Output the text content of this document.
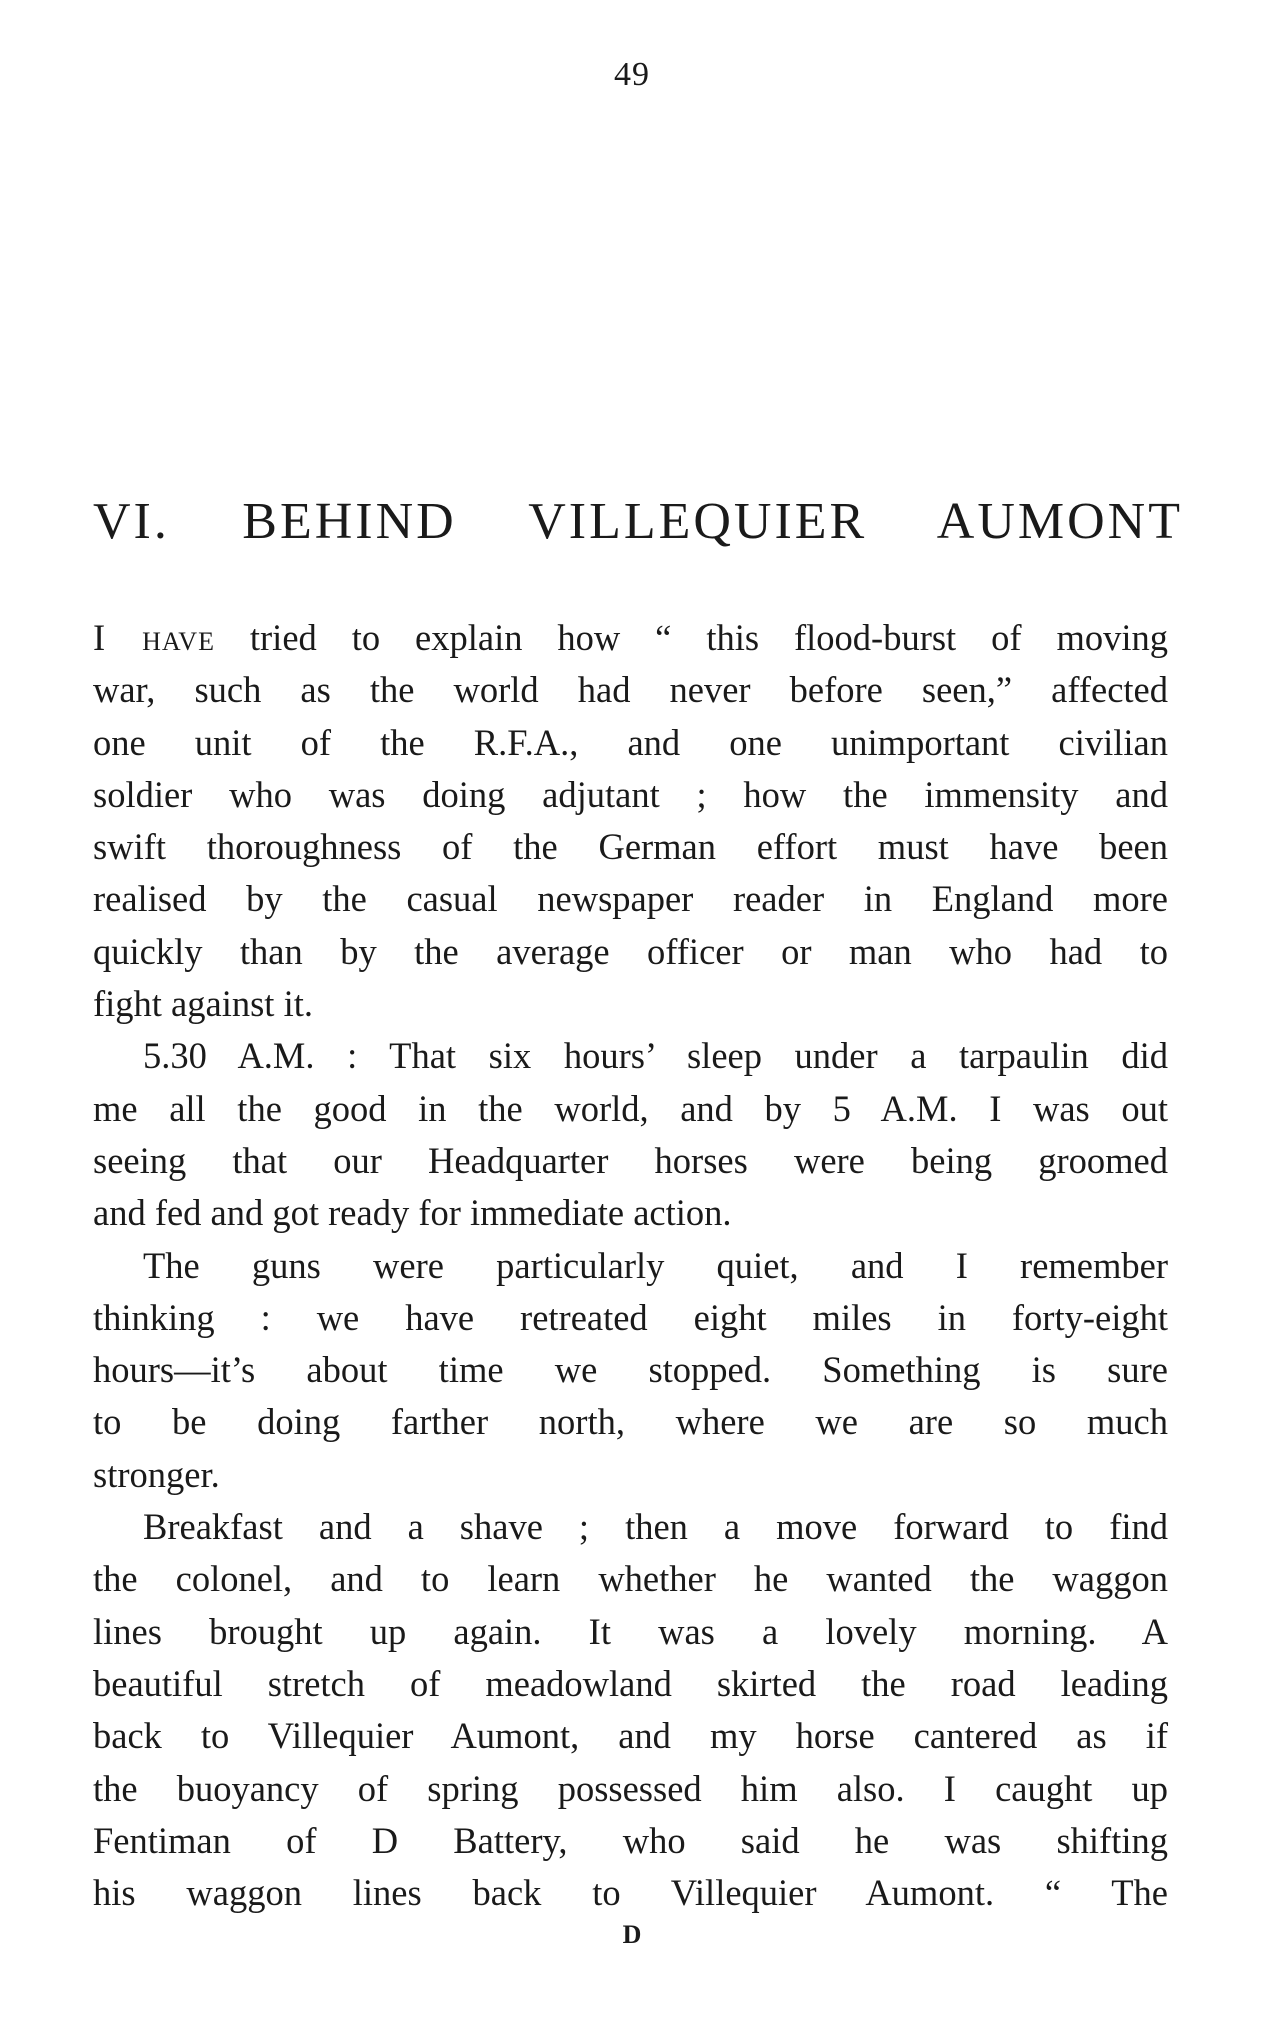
49
VI. BEHIND VILLEQUIER AUMONT
I have tried to explain how “ this flood-burst of moving
war, such as the world had never before seen,” affected
one unit of the R.F.A., and one unimportant civilian
soldier who was doing adjutant ; how the immensity and
swift thoroughness of the German effort must have been
realised by the casual newspaper reader in England more
quickly than by the average officer or man who had to
fight against it.
5.30 A.M. : That six hours’ sleep under a tarpaulin did
me all the good in the world, and by 5 A.M. I was out
seeing that our Headquarter horses were being groomed
and fed and got ready for immediate action.
The guns were particularly quiet, and I remember
thinking : we have retreated eight miles in forty-eight
hours—it’s about time we stopped. Something is sure
to be doing farther north, where we are so much
stronger.
Breakfast and a shave ; then a move forward to find
the colonel, and to learn whether he wanted the waggon
lines brought up again. It was a lovely morning. A
beautiful stretch of meadowland skirted the road leading
back to Villequier Aumont, and my horse cantered as if
the buoyancy of spring possessed him also. I caught up
Fentiman of D Battery, who said he was shifting
his waggon lines back to Villequier Aumont. “ The
D
